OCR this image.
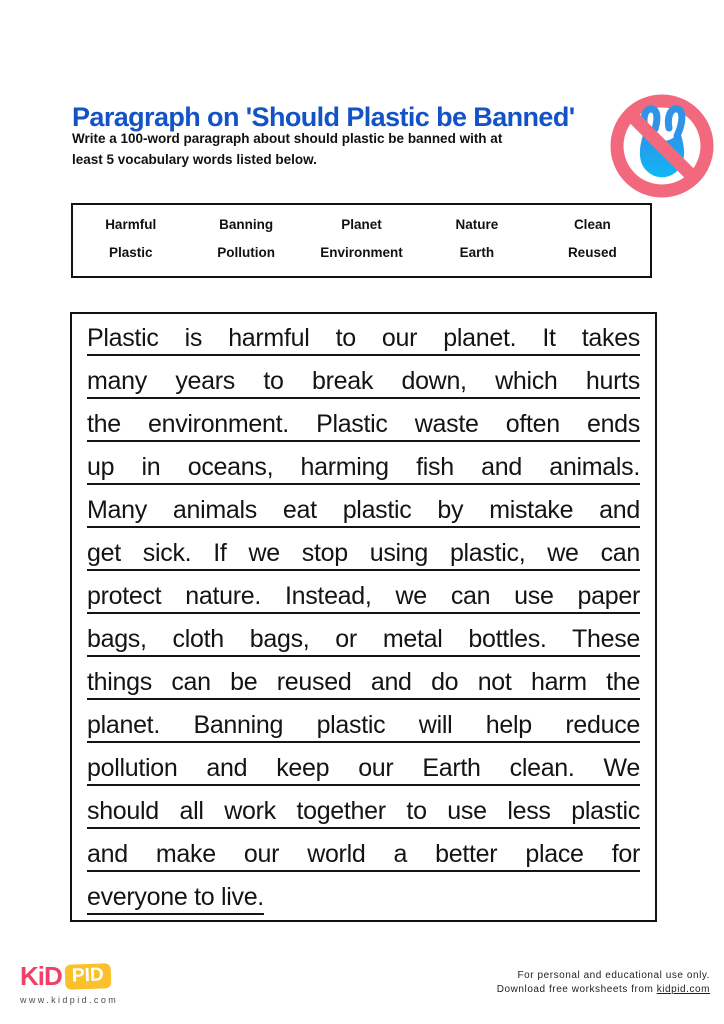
Paragraph on 'Should Plastic be Banned'
Write a 100-word paragraph about should plastic be banned with at
least 5 vocabulary words listed below.
Harmful	Banning	Planet	Nature	Clean
Plastic	Pollution	Environment	Earth	Reused
Plastic is harmful to our planet. It takes
many years to break down, which hurts
the environment. Plastic waste often ends
up in oceans, harming fish and animals.
Many animals eat plastic by mistake and
get sick. If we stop using plastic, we can
protect nature. Instead, we can use paper
bags, cloth bags, or metal bottles. These
things can be reused and do not harm the
planet. Banning plastic will help reduce
pollution and keep our Earth clean. We
should all work together to use less plastic
and make our world a better place for
everyone to live.
KiD PID
www.kidpid.com
For personal and educational use only.
Download free worksheets from kidpid.com
